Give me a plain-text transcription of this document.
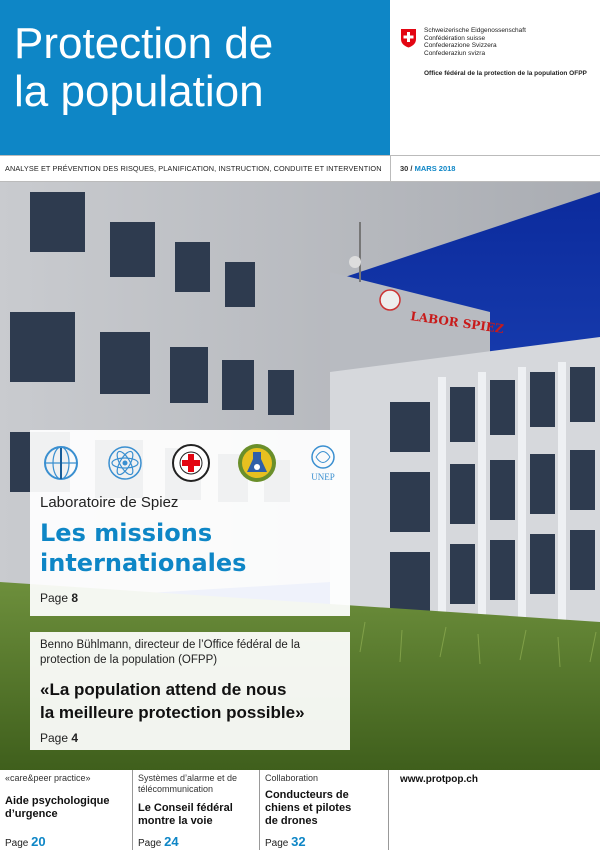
Protection de
la population
Schweizerische Eidgenossenschaft
Confédération suisse
Confederazione Svizzera
Confederaziun svizra
Office fédéral de la protection de la population OFPP
ANALYSE ET PRÉVENTION DES RISQUES, PLANIFICATION, INSTRUCTION, CONDUITE ET INTERVENTION 30 / MARS 2018
LABOR SPIEZ
UNEP
Laboratoire de Spiez
Les missions
internationales
Page 8
Benno Bühlmann, directeur de l’Office fédéral de la
protection de la population (OFPP)
«La population attend de nous
la meilleure protection possible»
Page 4
«care&peer practice»
Aide psychologique
d’urgence
Page 20
Systèmes d’alarme et de
télécommunication
Le Conseil fédéral
montre la voie
Page 24
Collaboration
Conducteurs de
chiens et pilotes
de drones
Page 32
www.protpop.ch
